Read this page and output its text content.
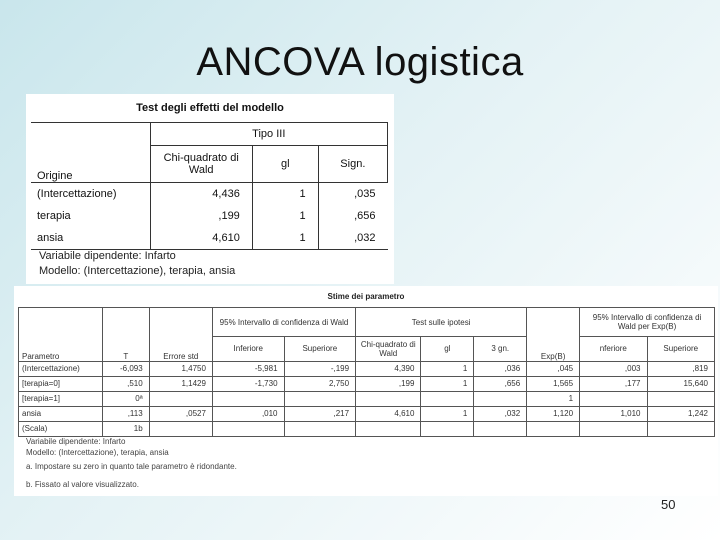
ANCOVA logistica
Test degli effetti del modello
	Tipo III		
Origine	Chi-quadrato di Wald	gl	Sign.
(Intercettazione)	4,436	1	,035
terapia	,199	1	,656
ansia	4,610	1	,032
Variabile dipendente: Infarto
Modello: (Intercettazione), terapia, ansia
Stime dei parametro
			95% Intervallo di confidenza di Wald		Test sulle ipotesi				95% Intervallo di confidenza di Wald per Exp(B)	
Parametro	T	Errore std	Inferiore	Superiore	Chi-quadrato di Wald	gl	3 gn.	Exp(B)	nferiore	Superiore
(Intercettazione)	-6,093	1,4750	-5,981	-,199	4,390	1	,036	,045	,003	,819
[terapia=0]	,510	1,1429	-1,730	2,750	,199	1	,656	1,565	,177	15,640
[terapia=1]	0ª							1		
ansia	,113	,0527	,010	,217	4,610	1	,032	1,120	1,010	1,242
(Scala)	1b									
Variabile dipendente: Infarto
Modello: (Intercettazione), terapia, ansia
a. Impostare su zero in quanto tale parametro è ridondante.
b. Fissato al valore visualizzato.
50
